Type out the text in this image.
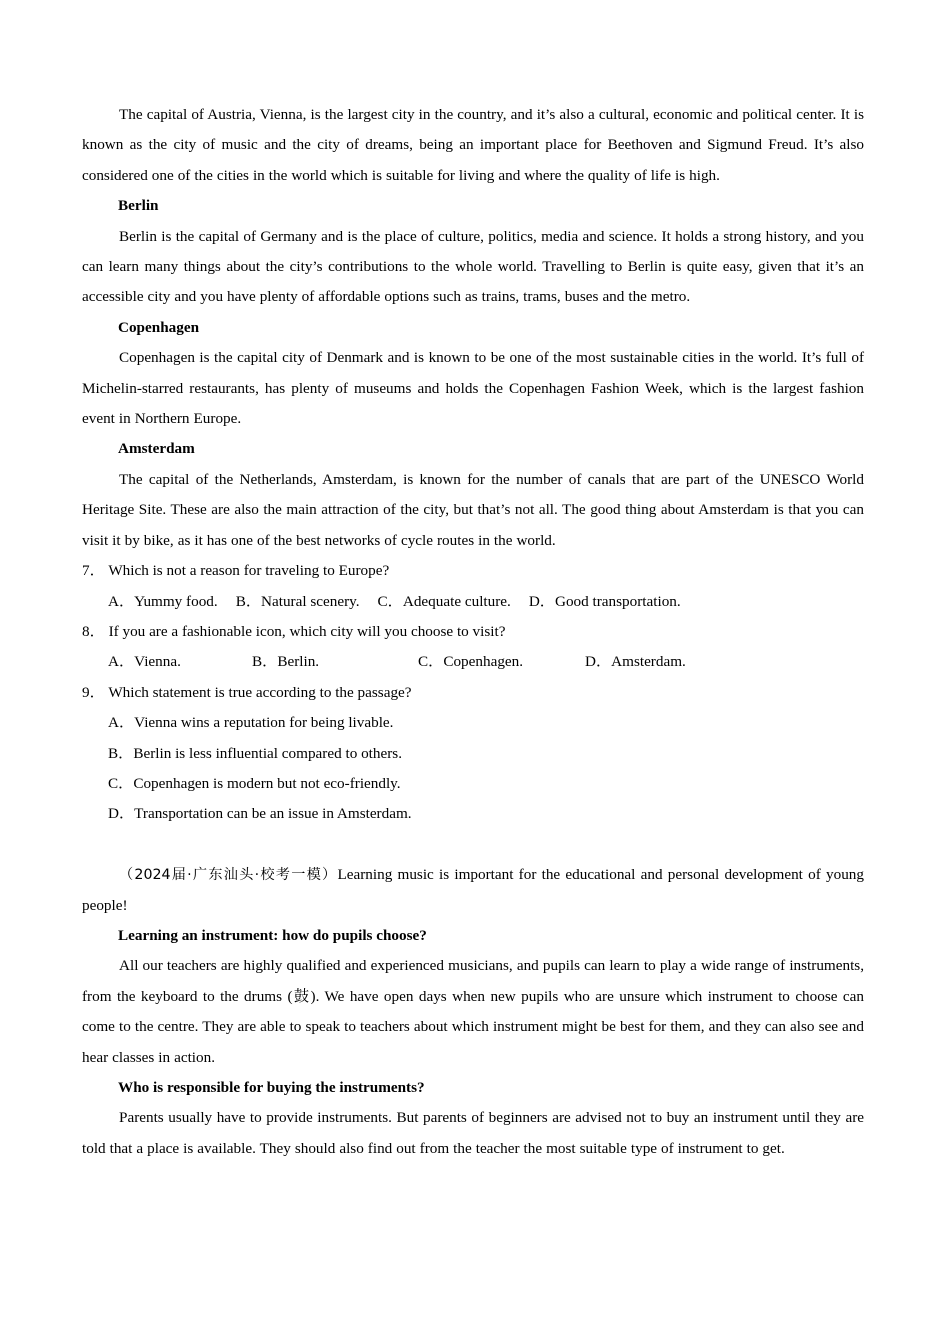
The capital of Austria, Vienna, is the largest city in the country, and it’s also a cultural, economic and political center. It is known as the city of music and the city of dreams, being an important place for Beethoven and Sigmund Freud. It’s also considered one of the cities in the world which is suitable for living and where the quality of life is high.

Berlin

Berlin is the capital of Germany and is the place of culture, politics, media and science. It holds a strong history, and you can learn many things about the city’s contributions to the whole world. Travelling to Berlin is quite easy, given that it’s an accessible city and you have plenty of affordable options such as trains, trams, buses and the metro.

Copenhagen

Copenhagen is the capital city of Denmark and is known to be one of the most sustainable cities in the world. It’s full of Michelin-starred restaurants, has plenty of museums and holds the Copenhagen Fashion Week, which is the largest fashion event in Northern Europe.

Amsterdam

The capital of the Netherlands, Amsterdam, is known for the number of canals that are part of the UNESCO World Heritage Site. These are also the main attraction of the city, but that’s not all. The good thing about Amsterdam is that you can visit it by bike, as it has one of the best networks of cycle routes in the world.

7． Which is not a reason for traveling to Europe?
A．Yummy food. B．Natural scenery. C．Adequate culture. D．Good transportation.
8． If you are a fashionable icon, which city will you choose to visit?
A．Vienna.	B．Berlin.	C．Copenhagen.	D．Amsterdam.
9． Which statement is true according to the passage?
A．Vienna wins a reputation for being livable.
B．Berlin is less influential compared to others.
C．Copenhagen is modern but not eco-friendly.
D．Transportation can be an issue in Amsterdam.

（2024届·广东汕头·校考一模）Learning music is important for the educational and personal development of young people!

Learning an instrument: how do pupils choose?

All our teachers are highly qualified and experienced musicians, and pupils can learn to play a wide range of instruments, from the keyboard to the drums (鼓). We have open days when new pupils who are unsure which instrument to choose can come to the centre. They are able to speak to teachers about which instrument might be best for them, and they can also see and hear classes in action.

Who is responsible for buying the instruments?

Parents usually have to provide instruments. But parents of beginners are advised not to buy an instrument until they are told that a place is available. They should also find out from the teacher the most suitable type of instrument to get.
